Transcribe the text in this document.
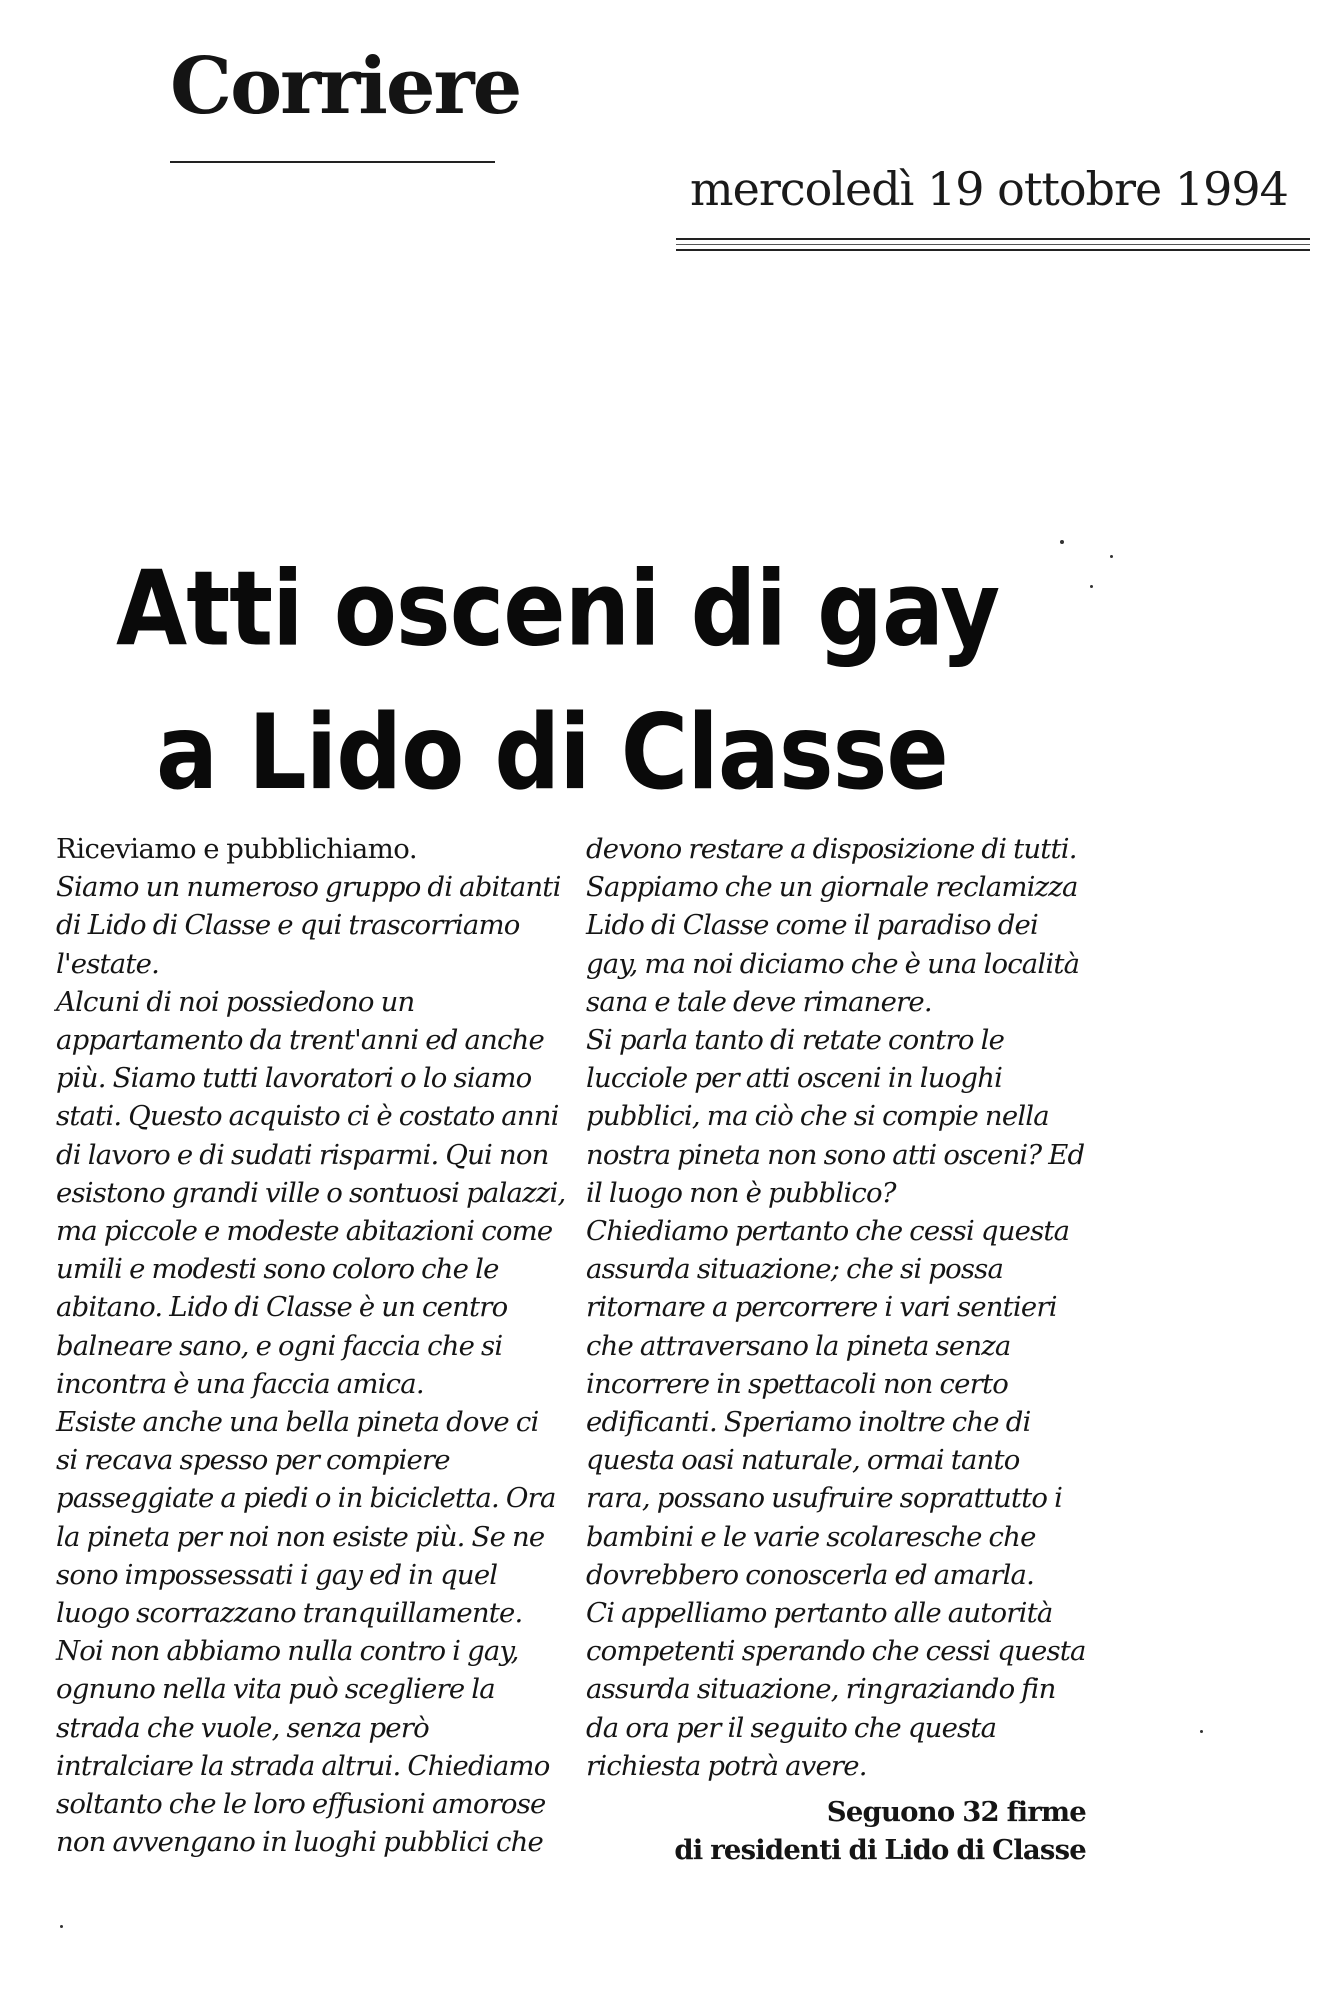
Corriere
mercoledì 19 ottobre 1994
Atti osceni di gay
a Lido di Classe

Riceviamo e pubblichiamo.

Siamo un numeroso gruppo di abitanti di Lido di Classe e qui trascorriamo l'estate.

Alcuni di noi possiedono un appartamento da trent'anni ed anche più. Siamo tutti lavoratori o lo siamo stati. Questo acquisto ci è costato anni di lavoro e di sudati risparmi. Qui non esistono grandi ville o sontuosi palazzi, ma piccole e modeste abitazioni come umili e modesti sono coloro che le abitano. Lido di Classe è un centro balneare sano, e ogni faccia che si incontra è una faccia amica.

Esiste anche una bella pineta dove ci si recava spesso per compiere passeggiate a piedi o in bicicletta. Ora la pineta per noi non esiste più. Se ne sono impossessati i gay ed in quel luogo scorrazzano tranquillamente.

Noi non abbiamo nulla contro i gay, ognuno nella vita può scegliere la strada che vuole, senza però intralciare la strada altrui. Chiediamo soltanto che le loro effusioni amorose non avvengano in luoghi pubblici che

devono restare a disposizione di tutti. Sappiamo che un giornale reclamizza Lido di Classe come il paradiso dei gay, ma noi diciamo che è una località sana e tale deve rimanere.

Si parla tanto di retate contro le lucciole per atti osceni in luoghi pubblici, ma ciò che si compie nella nostra pineta non sono atti osceni? Ed il luogo non è pubblico?

Chiediamo pertanto che cessi questa assurda situazione; che si possa ritornare a percorrere i vari sentieri che attraversano la pineta senza incorrere in spettacoli non certo edificanti. Speriamo inoltre che di questa oasi naturale, ormai tanto rara, possano usufruire soprattutto i bambini e le varie scolaresche che dovrebbero conoscerla ed amarla.

Ci appelliamo pertanto alle autorità competenti sperando che cessi questa assurda situazione, ringraziando fin da ora per il seguito che questa richiesta potrà avere.

Seguono 32 firme

di residenti di Lido di Classe
